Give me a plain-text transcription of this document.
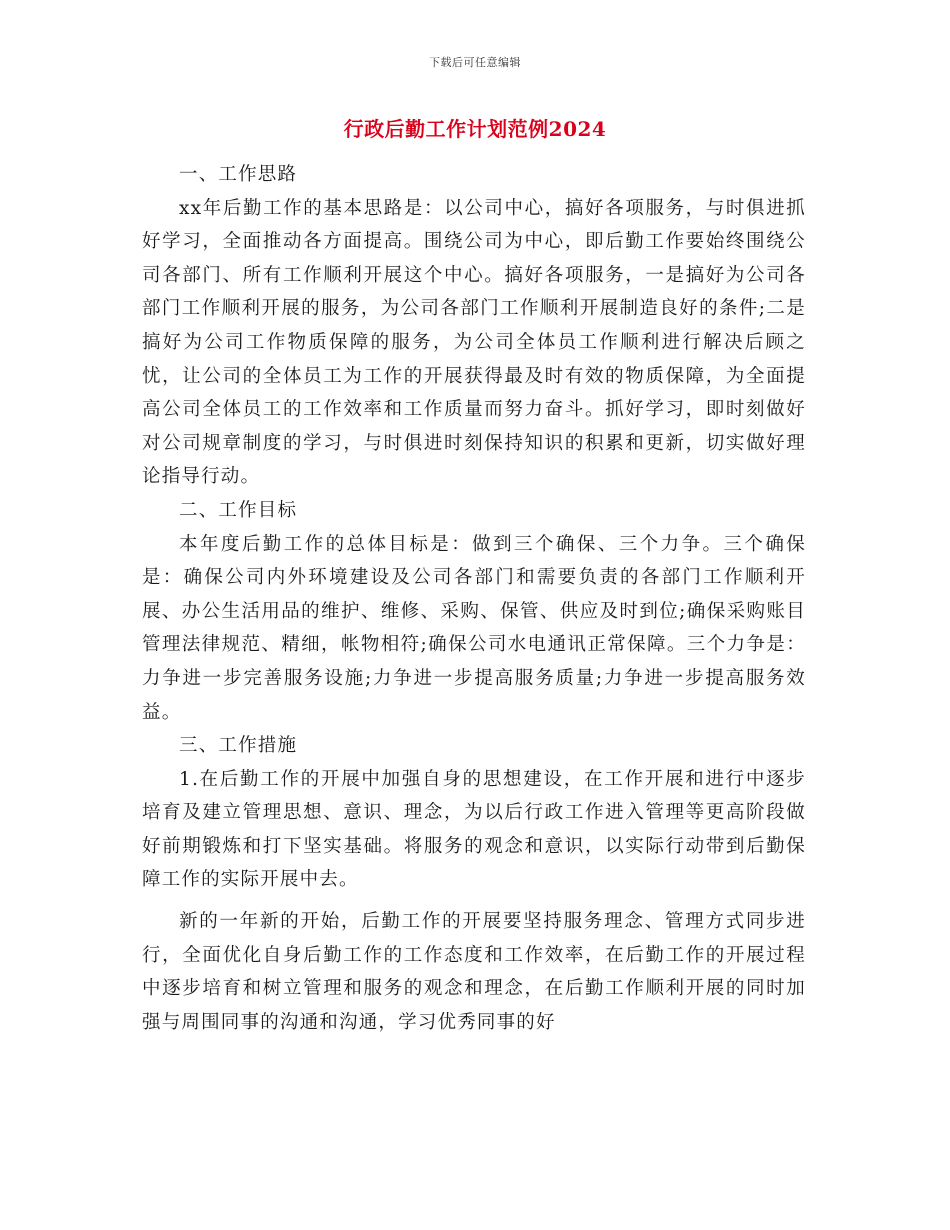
下载后可任意编辑
行政后勤工作计划范例2024

一、工作思路

xx年后勤工作的基本思路是：以公司中心，搞好各项服务，与时俱进抓好学习，全面推动各方面提高。围绕公司为中心，即后勤工作要始终围绕公司各部门、所有工作顺利开展这个中心。搞好各项服务，一是搞好为公司各部门工作顺利开展的服务，为公司各部门工作顺利开展制造良好的条件;二是搞好为公司工作物质保障的服务，为公司全体员工作顺利进行解决后顾之忧，让公司的全体员工为工作的开展获得最及时有效的物质保障，为全面提高公司全体员工的工作效率和工作质量而努力奋斗。抓好学习，即时刻做好对公司规章制度的学习，与时俱进时刻保持知识的积累和更新，切实做好理论指导行动。

二、工作目标

本年度后勤工作的总体目标是：做到三个确保、三个力争。三个确保是：确保公司内外环境建设及公司各部门和需要负责的各部门工作顺利开展、办公生活用品的维护、维修、采购、保管、供应及时到位;确保采购账目管理法律规范、精细，帐物相符;确保公司水电通讯正常保障。三个力争是：力争进一步完善服务设施;力争进一步提高服务质量;力争进一步提高服务效益。

三、工作措施

1.在后勤工作的开展中加强自身的思想建设，在工作开展和进行中逐步培育及建立管理思想、意识、理念，为以后行政工作进入管理等更高阶段做好前期锻炼和打下坚实基础。将服务的观念和意识，以实际行动带到后勤保障工作的实际开展中去。

新的一年新的开始，后勤工作的开展要坚持服务理念、管理方式同步进行，全面优化自身后勤工作的工作态度和工作效率，在后勤工作的开展过程中逐步培育和树立管理和服务的观念和理念，在后勤工作顺利开展的同时加强与周围同事的沟通和沟通，学习优秀同事的好
